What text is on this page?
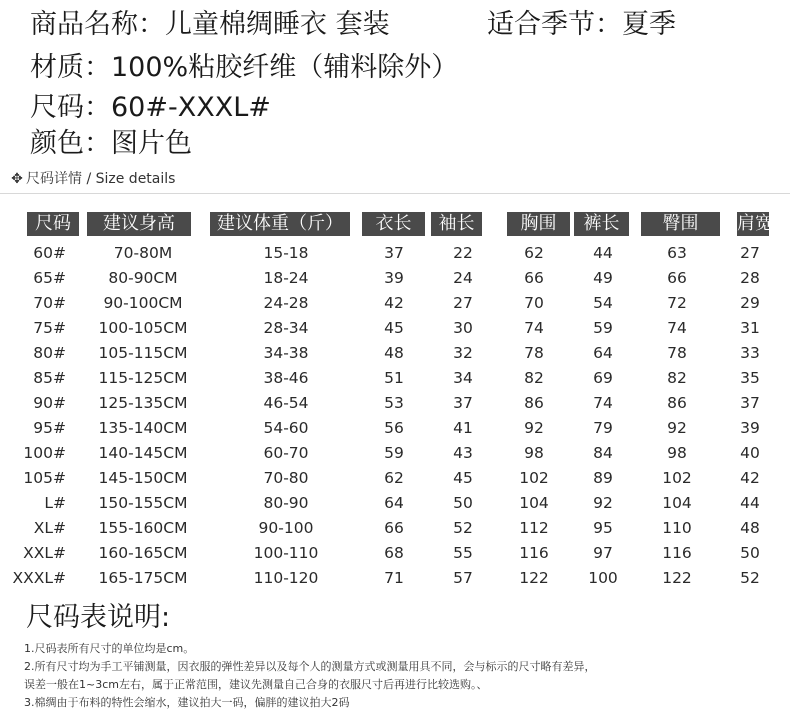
商品名称：儿童棉绸睡衣 套装	适合季节：夏季
材质：100%粘胶纤维（辅料除外）
尺码：60#-XXXL#
颜色：图片色
✥ 尺码详情 / Size details
尺码	建议身高	建议体重（斤）	衣长	袖长	胸围	裤长	臀围	肩宽
60#	70-80M	15-18	37	22	62	44	63	27
65#	80-90CM	18-24	39	24	66	49	66	28
70#	90-100CM	24-28	42	27	70	54	72	29
75#	100-105CM	28-34	45	30	74	59	74	31
80#	105-115CM	34-38	48	32	78	64	78	33
85#	115-125CM	38-46	51	34	82	69	82	35
90#	125-135CM	46-54	53	37	86	74	86	37
95#	135-140CM	54-60	56	41	92	79	92	39
100#	140-145CM	60-70	59	43	98	84	98	40
105#	145-150CM	70-80	62	45	102	89	102	42
L#	150-155CM	80-90	64	50	104	92	104	44
XL#	155-160CM	90-100	66	52	112	95	110	48
XXL#	160-165CM	100-110	68	55	116	97	116	50
XXXL#	165-175CM	110-120	71	57	122	100	122	52
尺码表说明:
1.尺码表所有尺寸的单位均是cm。
2.所有尺寸均为手工平铺测量，因衣服的弹性差异以及每个人的测量方式或测量用具不同，会与标示的尺寸略有差异，
误差一般在1~3cm左右，属于正常范围，建议先测量自己合身的衣服尺寸后再进行比较选购。、
3.棉绸由于布料的特性会缩水，建议拍大一码，偏胖的建议拍大2码
